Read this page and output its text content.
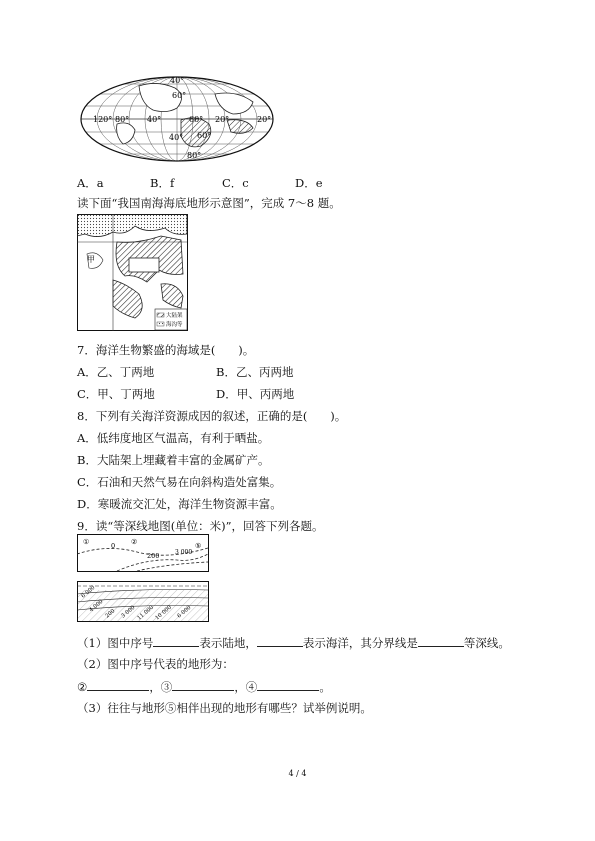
40°
60°
120° 80° 40°	60° 20°	20°
40° 60°
80°
A．a	B．f	C．c	D．e
读下面“我国南海海底地形示意图”，完成 7～8 题。
甲
大陆架
海沟等
7．海洋生物繁盛的海域是(　　)。
A．乙、丁两地	B．乙、丙两地
C．甲、丁两地	D．甲、丙两地
8．下列有关海洋资源成因的叙述，正确的是(　　)。
A．低纬度地区气温高，有利于晒盐。
B．大陆架上埋藏着丰富的金属矿产。
C．石油和天然气易在向斜构造处富集。
D．寒暖流交汇处，海洋生物资源丰富。
9．读“等深线地图(单位：米)”，回答下列各题。
①	0 ②
200	3 000
⑤
6 000
4 000
200 3 000 11 000 10 000 6 000
（1）图中序号	表示陆地，	表示海洋，其分界线是	等深线。
（2）图中序号代表的地形为：
②	，③	，④	。
（3）往往与地形⑤相伴出现的地形有哪些？试举例说明。
4 / 4
